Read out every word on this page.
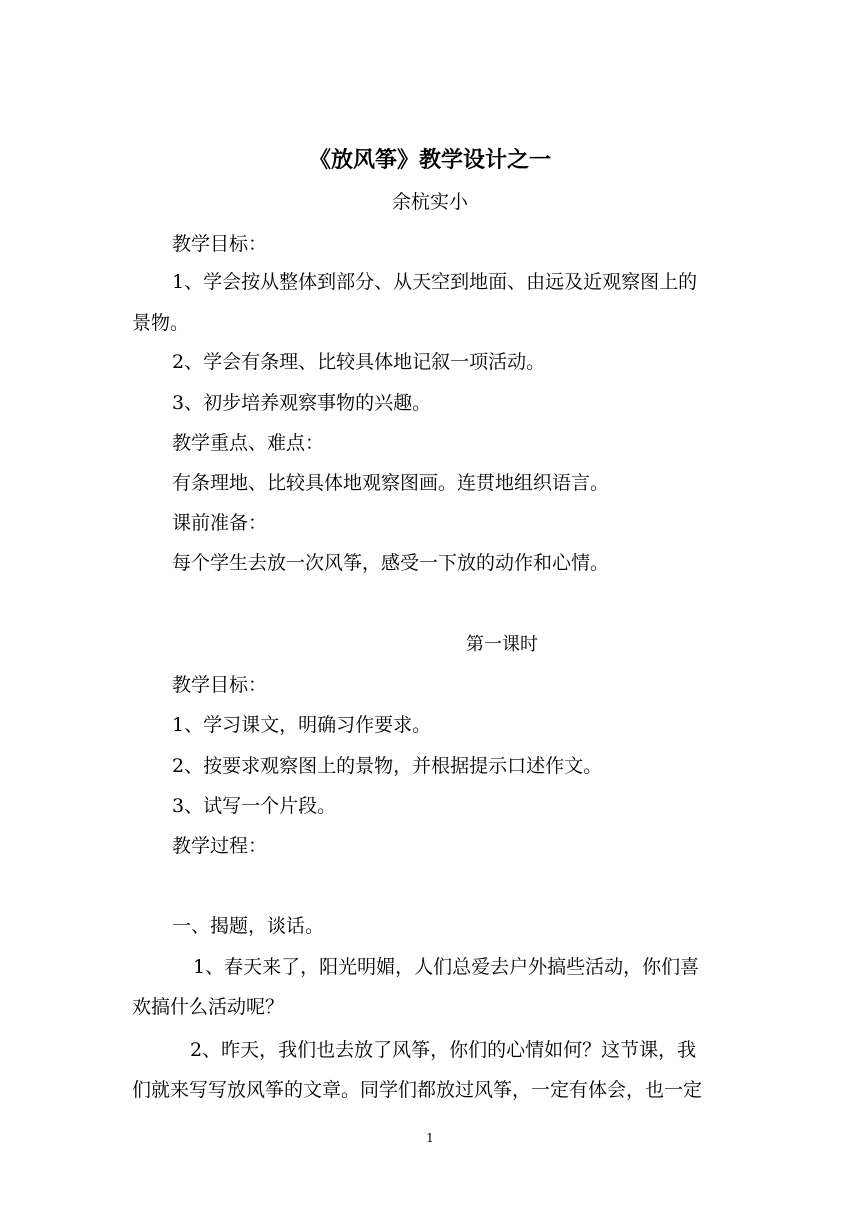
《放风筝》教学设计之一
余杭实小
教学目标：
1、学会按从整体到部分、从天空到地面、由远及近观察图上的
景物。
2、学会有条理、比较具体地记叙一项活动。
3、初步培养观察事物的兴趣。
教学重点、难点：
有条理地、比较具体地观察图画。连贯地组织语言。
课前准备：
每个学生去放一次风筝，感受一下放的动作和心情。
第一课时
教学目标：
1、学习课文，明确习作要求。
2、按要求观察图上的景物，并根据提示口述作文。
3、试写一个片段。
教学过程：
一、揭题，谈话。
1、春天来了，阳光明媚，人们总爱去户外搞些活动，你们喜
欢搞什么活动呢？
2、昨天，我们也去放了风筝，你们的心情如何？这节课，我
们就来写写放风筝的文章。同学们都放过风筝，一定有体会，也一定
1
